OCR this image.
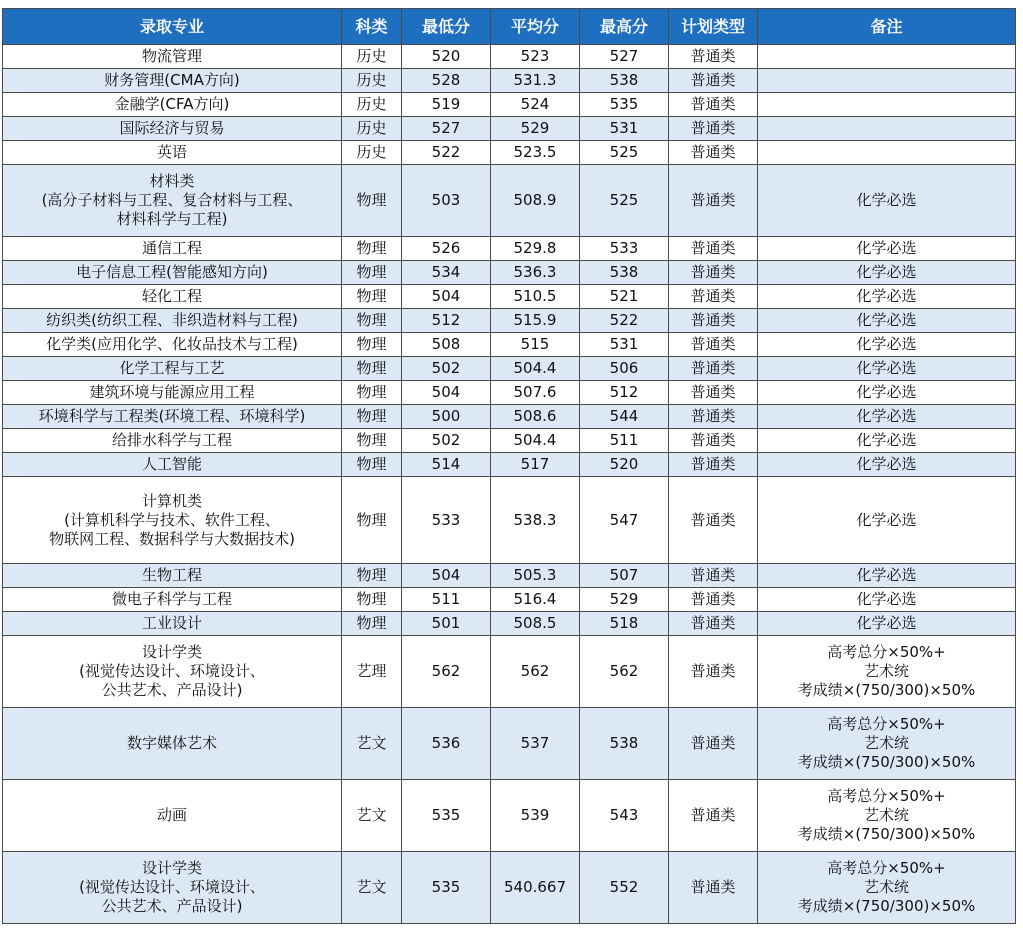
录取专业	科类	最低分	平均分	最高分	计划类型	备注

物流管理	历史	520	523	527	普通类	

财务管理(CMA方向)	历史	528	531.3	538	普通类	

金融学(CFA方向)	历史	519	524	535	普通类	

国际经济与贸易	历史	527	529	531	普通类	

英语	历史	522	523.5	525	普通类	

材料类
(高分子材料与工程、复合材料与工程、
材料科学与工程)	物理	503	508.9	525	普通类	化学必选

通信工程	物理	526	529.8	533	普通类	化学必选

电子信息工程(智能感知方向)	物理	534	536.3	538	普通类	化学必选

轻化工程	物理	504	510.5	521	普通类	化学必选

纺织类(纺织工程、非织造材料与工程)	物理	512	515.9	522	普通类	化学必选

化学类(应用化学、化妆品技术与工程)	物理	508	515	531	普通类	化学必选

化学工程与工艺	物理	502	504.4	506	普通类	化学必选

建筑环境与能源应用工程	物理	504	507.6	512	普通类	化学必选

环境科学与工程类(环境工程、环境科学)	物理	500	508.6	544	普通类	化学必选

给排水科学与工程	物理	502	504.4	511	普通类	化学必选

人工智能	物理	514	517	520	普通类	化学必选

计算机类
(计算机科学与技术、软件工程、
物联网工程、数据科学与大数据技术)	物理	533	538.3	547	普通类	化学必选

生物工程	物理	504	505.3	507	普通类	化学必选

微电子科学与工程	物理	511	516.4	529	普通类	化学必选

工业设计	物理	501	508.5	518	普通类	化学必选

设计学类
(视觉传达设计、环境设计、
公共艺术、产品设计)	艺理	562	562	562	普通类	高考总分×50%+
艺术统
考成绩×(750/300)×50%

数字媒体艺术	艺文	536	537	538	普通类	高考总分×50%+
艺术统
考成绩×(750/300)×50%

动画	艺文	535	539	543	普通类	高考总分×50%+
艺术统
考成绩×(750/300)×50%

设计学类
(视觉传达设计、环境设计、
公共艺术、产品设计)	艺文	535	540.667	552	普通类	高考总分×50%+
艺术统
考成绩×(750/300)×50%
